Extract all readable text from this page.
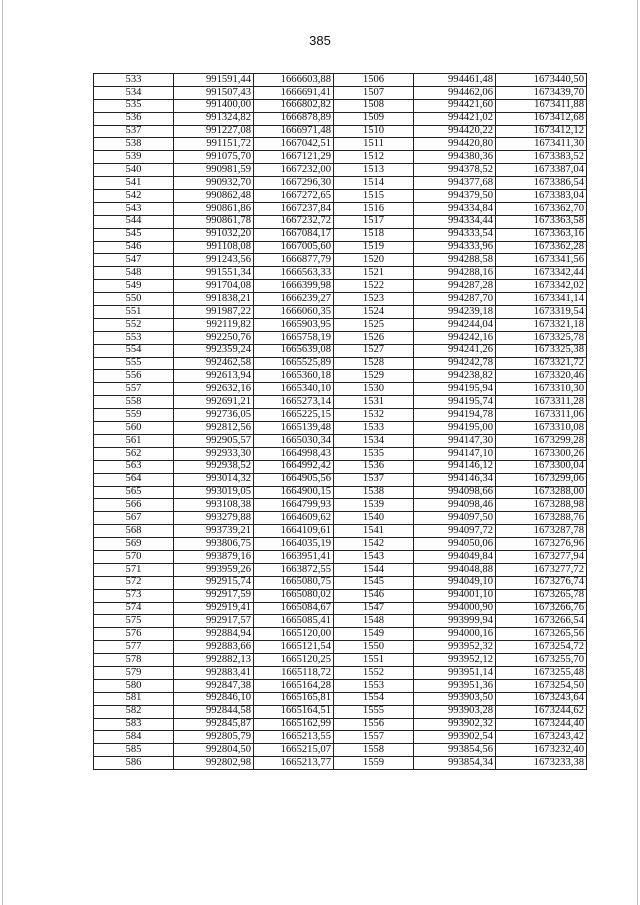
385
533	991591,44	1666603,88	1506	994461,48	1673440,50
534	991507,43	1666691,41	1507	994462,06	1673439,70
535	991400,00	1666802,82	1508	994421,60	1673411,88
536	991324,82	1666878,89	1509	994421,02	1673412,68
537	991227,08	1666971,48	1510	994420,22	1673412,12
538	991151,72	1667042,51	1511	994420,80	1673411,30
539	991075,70	1667121,29	1512	994380,36	1673383,52
540	990981,59	1667232,00	1513	994378,52	1673387,04
541	990932,70	1667296,30	1514	994377,68	1673386,54
542	990862,48	1667272,65	1515	994379,50	1673383,04
543	990861,86	1667237,84	1516	994334,84	1673362,70
544	990861,78	1667232,72	1517	994334,44	1673363,58
545	991032,20	1667084,17	1518	994333,54	1673363,16
546	991108,08	1667005,60	1519	994333,96	1673362,28
547	991243,56	1666877,79	1520	994288,58	1673341,56
548	991551,34	1666563,33	1521	994288,16	1673342,44
549	991704,08	1666399,98	1522	994287,28	1673342,02
550	991838,21	1666239,27	1523	994287,70	1673341,14
551	991987,22	1666060,35	1524	994239,18	1673319,54
552	992119,82	1665903,95	1525	994244,04	1673321,18
553	992250,76	1665758,19	1526	994242,16	1673325,78
554	992359,24	1665639,08	1527	994241,26	1673325,38
555	992462,58	1665525,89	1528	994242,78	1673321,72
556	992613,94	1665360,18	1529	994238,82	1673320,46
557	992632,16	1665340,10	1530	994195,94	1673310,30
558	992691,21	1665273,14	1531	994195,74	1673311,28
559	992736,05	1665225,15	1532	994194,78	1673311,06
560	992812,56	1665139,48	1533	994195,00	1673310,08
561	992905,57	1665030,34	1534	994147,30	1673299,28
562	992933,30	1664998,43	1535	994147,10	1673300,26
563	992938,52	1664992,42	1536	994146,12	1673300,04
564	993014,32	1664905,56	1537	994146,34	1673299,06
565	993019,05	1664900,15	1538	994098,66	1673288,00
566	993108,38	1664799,93	1539	994098,46	1673288,98
567	993279,88	1664609,62	1540	994097,50	1673288,76
568	993739,21	1664109,61	1541	994097,72	1673287,78
569	993806,75	1664035,19	1542	994050,06	1673276,96
570	993879,16	1663951,41	1543	994049,84	1673277,94
571	993959,26	1663872,55	1544	994048,88	1673277,72
572	992915,74	1665080,75	1545	994049,10	1673276,74
573	992917,59	1665080,02	1546	994001,10	1673265,78
574	992919,41	1665084,67	1547	994000,90	1673266,76
575	992917,57	1665085,41	1548	993999,94	1673266,54
576	992884,94	1665120,00	1549	994000,16	1673265,56
577	992883,66	1665121,54	1550	993952,32	1673254,72
578	992882,13	1665120,25	1551	993952,12	1673255,70
579	992883,41	1665118,72	1552	993951,14	1673255,48
580	992847,38	1665164,28	1553	993951,36	1673254,50
581	992846,10	1665165,81	1554	993903,50	1673243,64
582	992844,58	1665164,51	1555	993903,28	1673244,62
583	992845,87	1665162,99	1556	993902,32	1673244,40
584	992805,79	1665213,55	1557	993902,54	1673243,42
585	992804,50	1665215,07	1558	993854,56	1673232,40
586	992802,98	1665213,77	1559	993854,34	1673233,38
